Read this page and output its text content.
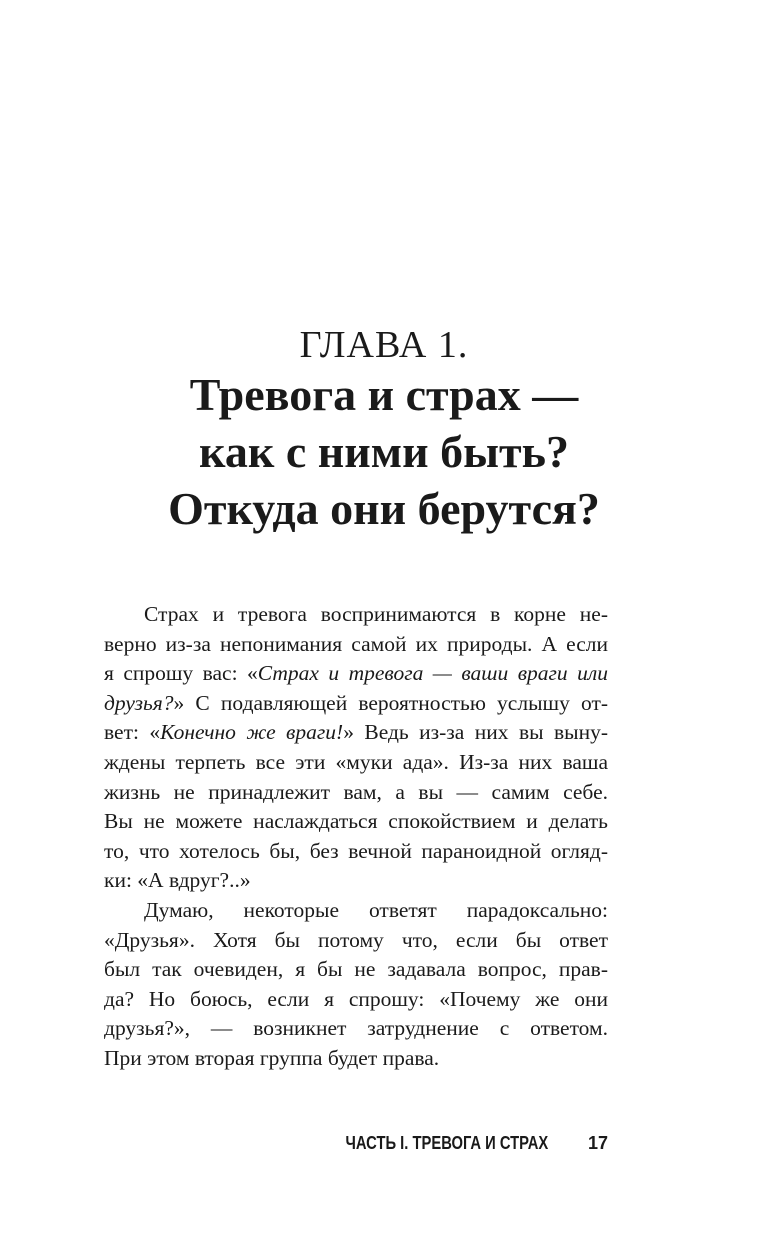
ГЛАВА 1.
Тревога и страх —
как с ними быть?
Откуда они берутся?
Страх и тревога воспринимаются в корне не-
верно из-за непонимания самой их природы. А если
я спрошу вас: «Страх и тревога — ваши враги или
друзья?» С подавляющей вероятностью услышу от-
вет: «Конечно же враги!» Ведь из-за них вы выну-
ждены терпеть все эти «муки ада». Из-за них ваша
жизнь не принадлежит вам, а вы — самим себе.
Вы не можете наслаждаться спокойствием и делать
то, что хотелось бы, без вечной параноидной огляд-
ки: «А вдруг?..»
Думаю, некоторые ответят парадоксально:
«Друзья». Хотя бы потому что, если бы ответ
был так очевиден, я бы не задавала вопрос, прав-
да? Но боюсь, если я спрошу: «Почему же они
друзья?», — возникнет затруднение с ответом.
При этом вторая группа будет права.
ЧАСТЬ I. ТРЕВОГА И СТРАХ 17
